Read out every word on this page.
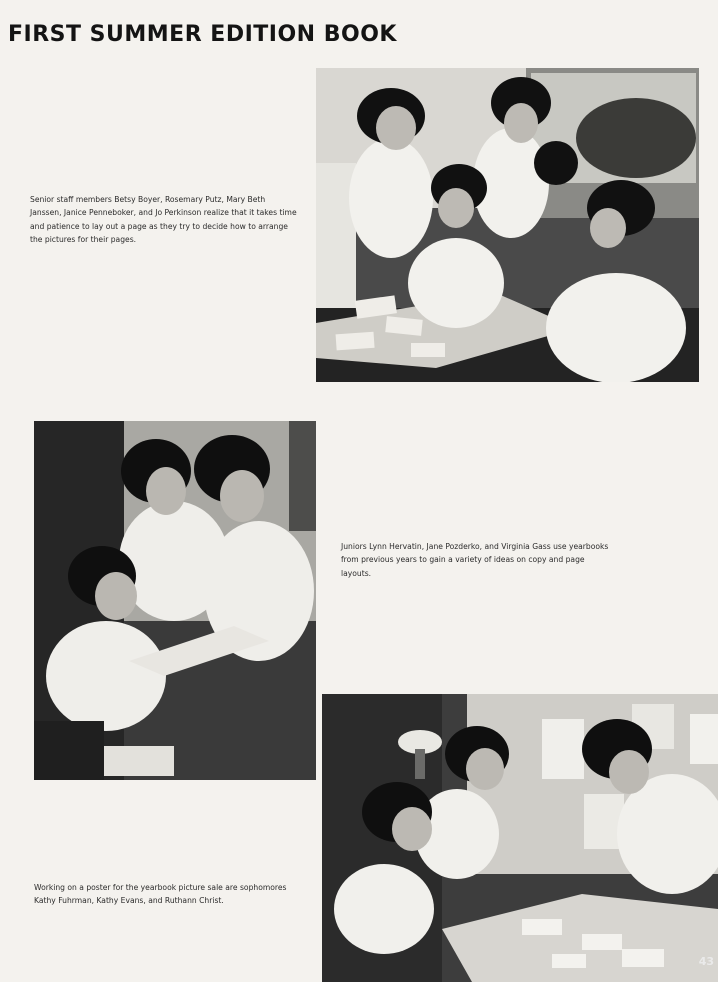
FIRST SUMMER EDITION BOOK

Senior staff members Betsy Boyer, Rosemary Putz, Mary Beth Janssen, Janice Penneboker, and Jo Perkinson realize that it takes time and patience to lay out a page as they try to decide how to arrange the pictures for their pages.

Juniors Lynn Hervatin, Jane Pozderko, and Virginia Gass use yearbooks from previous years to gain a variety of ideas on copy and page layouts.

Working on a poster for the yearbook picture sale are sophomores Kathy Fuhrman, Kathy Evans, and Ruthann Christ.

43
